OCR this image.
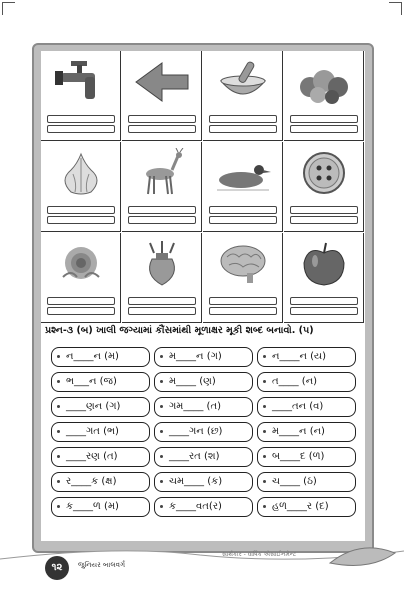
પ્રશ્ન-૩ (બ) ખાલી જગ્યામાં કૌંસમાંથી મૂળાક્ષર મૂકી શબ્દ બનાવો. (૫)
ન____ન (મ)	મ____ન (ગ)	ન____ન (ય)
ભ___ન (જ)	મ____ (ણ)	ત____ (ન)
____ણન (ગ)	ગમ____ (ત)	____તન (વ)
____ગત (ભ)	____ગન (છ)	મ____ન (ન)
____રણ (ત)	____રત (શ)	બ____દ (ળ)
ર____ક (ક્ષ)	ચમ____ (ક)	ચ____ (ઠ)
ક____ળ (મ)	ક____વત(ર)	હળ____ર (દ)
૧૨	જુનિયર બાલવર્ગ
સાર્થકાર - વાર્ષિક એસાઈનમેન્ટ
